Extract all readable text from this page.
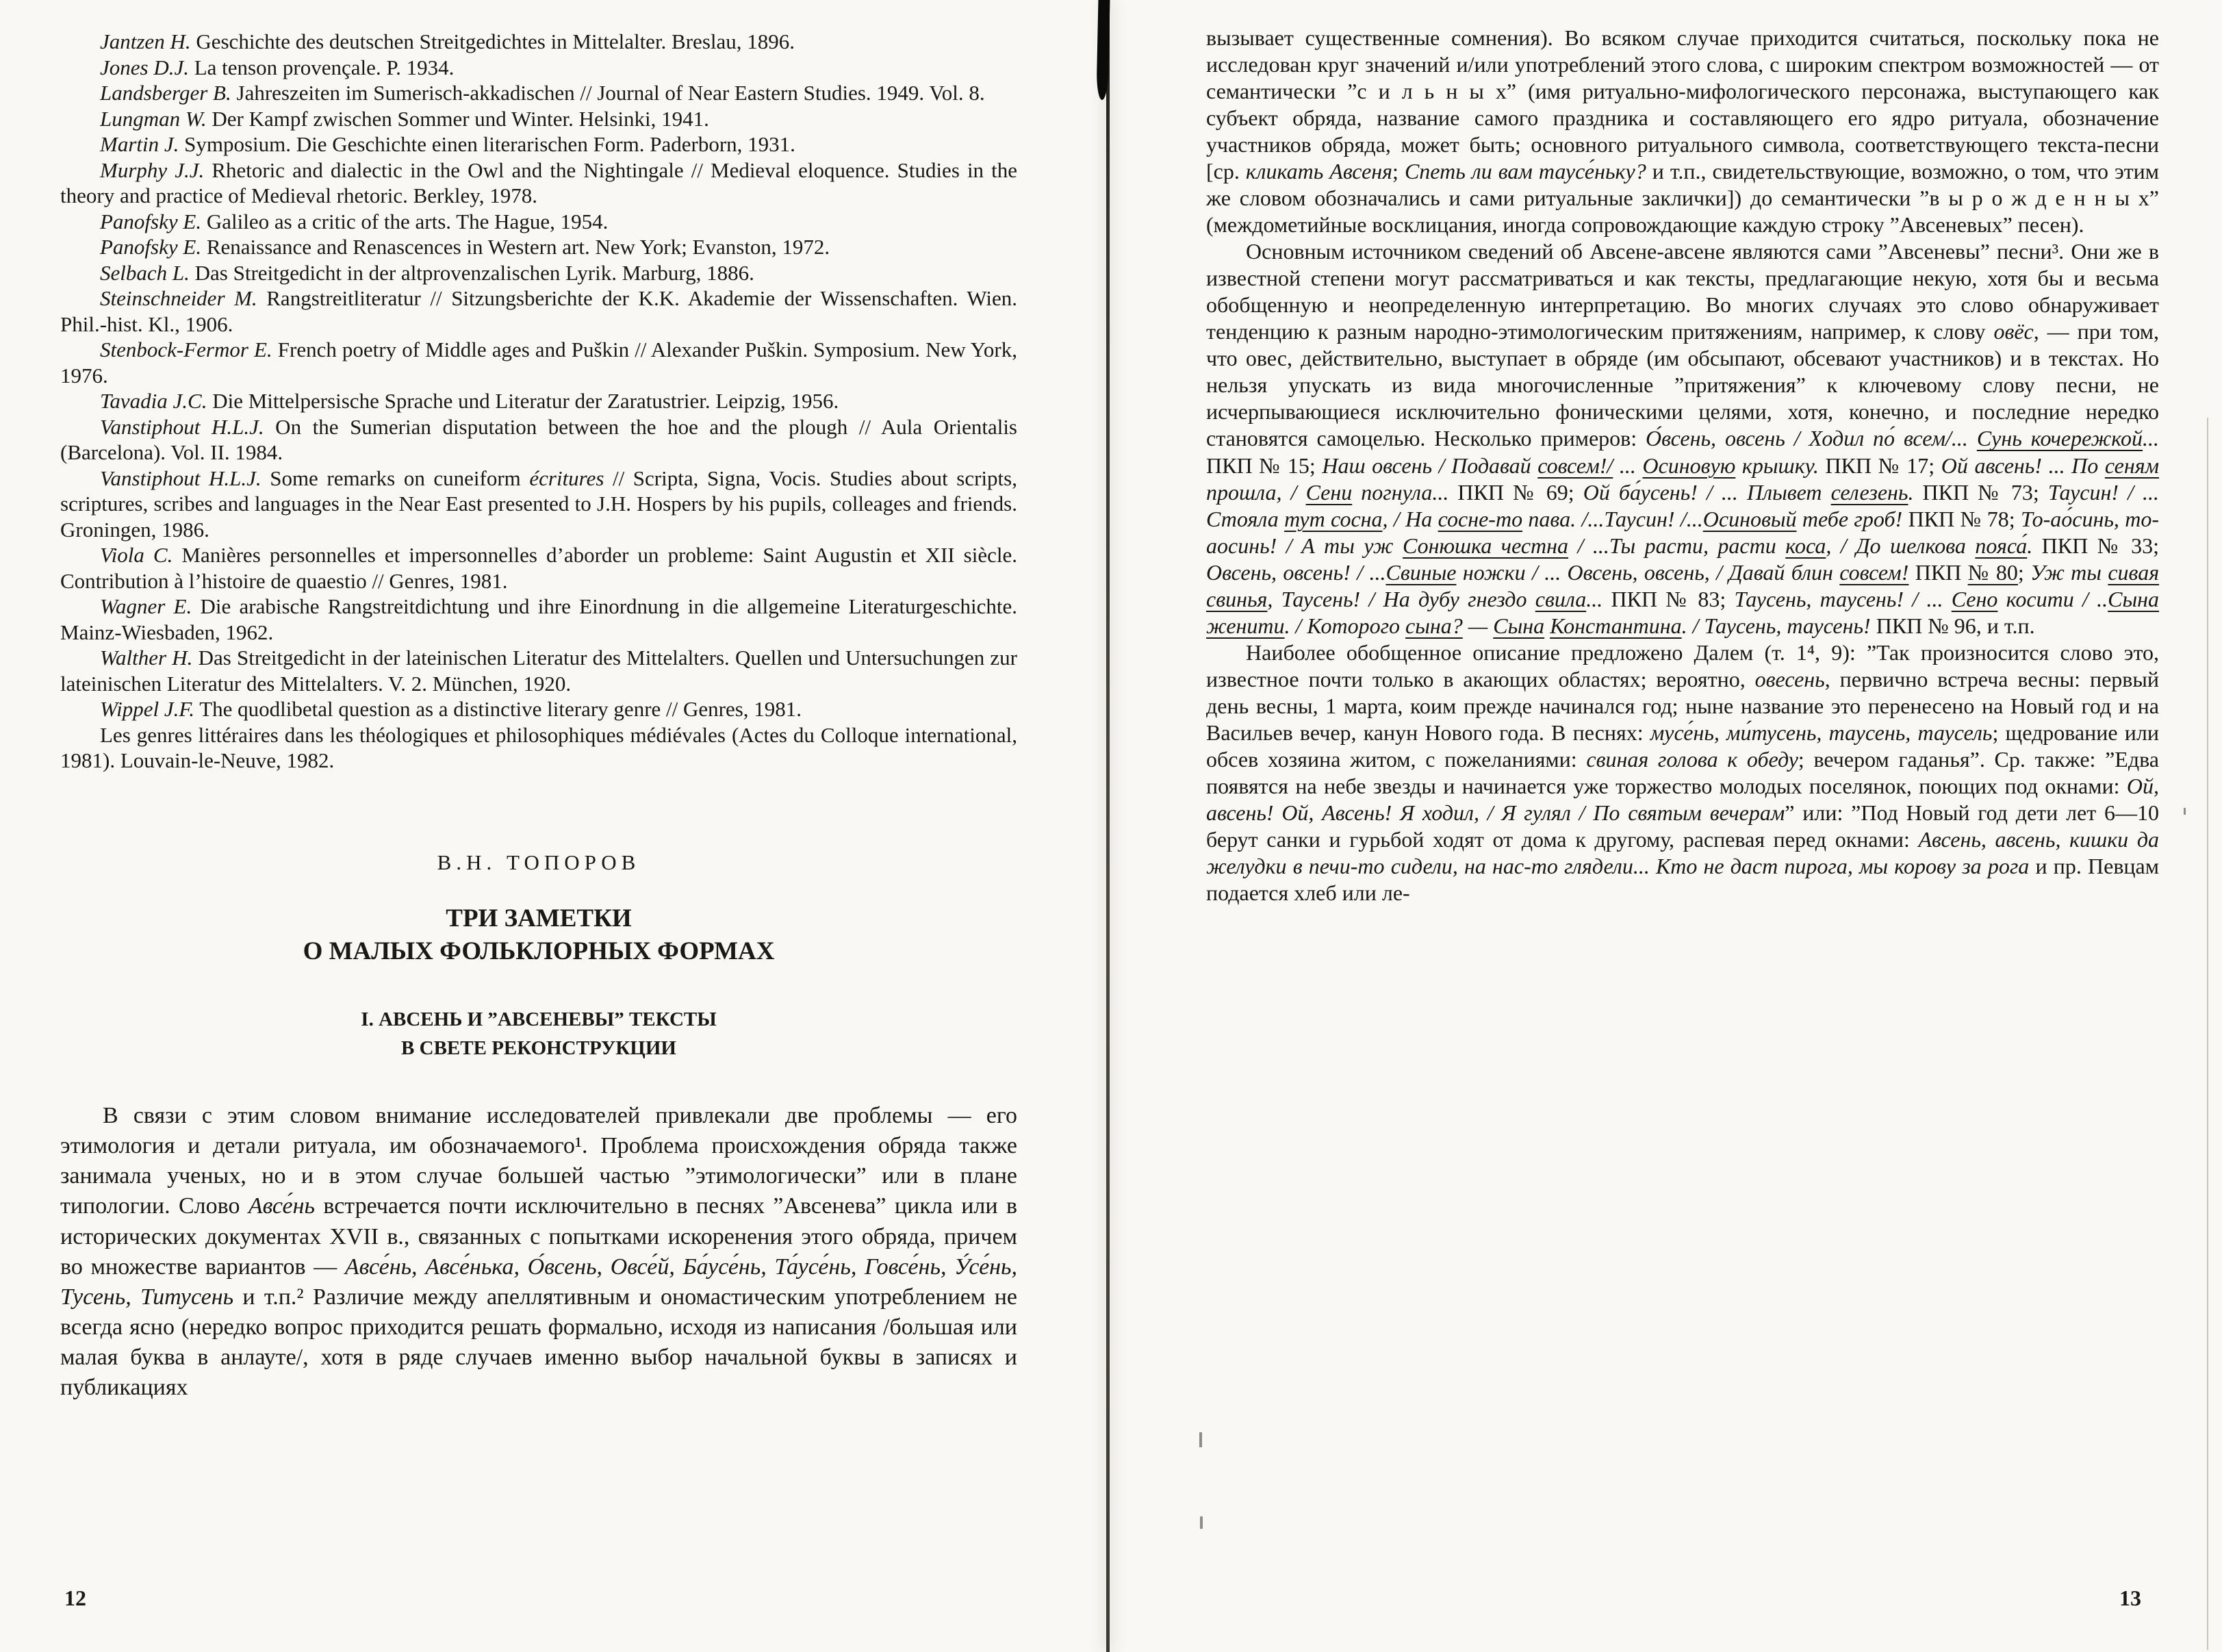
Jantzen H. Geschichte des deutschen Streitgedichtes in Mittelalter. Breslau, 1896.

Jones D.J. La tenson provençale. P. 1934.

Landsberger B. Jahreszeiten im Sumerisch-akkadischen // Journal of Near Eastern Studies. 1949. Vol. 8.

Lungman W. Der Kampf zwischen Sommer und Winter. Helsinki, 1941.

Martin J. Symposium. Die Geschichte einen literarischen Form. Paderborn, 1931.

Murphy J.J. Rhetoric and dialectic in the Owl and the Nightingale // Medieval eloquence. Studies in the theory and practice of Medieval rhetoric. Berkley, 1978.

Panofsky E. Galileo as a critic of the arts. The Hague, 1954.

Panofsky E. Renaissance and Renascences in Western art. New York; Evanston, 1972.

Selbach L. Das Streitgedicht in der altprovenzalischen Lyrik. Marburg, 1886.

Steinschneider M. Rangstreitliteratur // Sitzungsberichte der K.K. Akademie der Wissenschaften. Wien. Phil.-hist. Kl., 1906.

Stenbock-Fermor E. French poetry of Middle ages and Puškin // Alexander Puškin. Symposium. New York, 1976.

Tavadia J.C. Die Mittelpersische Sprache und Literatur der Zaratustrier. Leipzig, 1956.

Vanstiphout H.L.J. On the Sumerian disputation between the hoe and the plough // Aula Orientalis (Barcelona). Vol. II. 1984.

Vanstiphout H.L.J. Some remarks on cuneiform écritures // Scripta, Signa, Vocis. Studies about scripts, scriptures, scribes and languages in the Near East presented to J.H. Hospers by his pupils, colleages and friends. Groningen, 1986.

Viola C. Manières personnelles et impersonnelles d’aborder un probleme: Saint Augustin et XII siècle. Contribution à l’histoire de quaestio // Genres, 1981.

Wagner E. Die arabische Rangstreitdichtung und ihre Einordnung in die allgemeine Literaturgeschichte. Mainz-Wiesbaden, 1962.

Walther H. Das Streitgedicht in der lateinischen Literatur des Mittelalters. Quellen und Untersuchungen zur lateinischen Literatur des Mittelalters. V. 2. München, 1920.

Wippel J.F. The quodlibetal question as a distinctive literary genre // Genres, 1981.

Les genres littéraires dans les théologiques et philosophiques médiévales (Actes du Colloque international, 1981). Louvain-le-Neuve, 1982.

В.Н. ТОПОРОВ
ТРИ ЗАМЕТКИ
О МАЛЫХ ФОЛЬКЛОРНЫХ ФОРМАХ
I. АВСЕНЬ И ”АВСЕНЕВЫ” ТЕКСТЫ
В СВЕТЕ РЕКОНСТРУКЦИИ

В связи с этим словом внимание исследователей привлекали две проблемы — его этимология и детали ритуала, им обозначаемого¹. Проблема происхождения обряда также занимала ученых, но и в этом случае большей частью ”этимологически” или в плане типологии. Слово Авсе́нь встречается почти исключительно в песнях ”Авсенева” цикла или в исторических документах XVII в., связанных с попытками искоренения этого обряда, причем во множестве вариантов — Авсе́нь, Авсе́нька, О́всень, Овсе́й, Ба́усе́нь, Та́усе́нь, Говсе́нь, У́се́нь, Тусень, Титусень и т.п.² Различие между апеллятивным и ономастическим употреблением не всегда ясно (нередко вопрос приходится решать формально, исходя из написания /большая или малая буква в анлауте/, хотя в ряде случаев именно выбор начальной буквы в записях и публикациях

вызывает существенные сомнения). Во всяком случае приходится считаться, поскольку пока не исследован круг значений и/или употреблений этого слова, с широким спектром возможностей — от семантически ”с и л ь н ы х” (имя ритуально-мифологического персонажа, выступающего как субъект обряда, название самого праздника и составляющего его ядро ритуала, обозначение участников обряда, может быть; основного ритуального символа, соответствующего текста-песни [ср. кликать Авсеня; Спеть ли вам таусе́ньку? и т.п., свидетельствующие, возможно, о том, что этим же словом обозначались и сами ритуальные заклички]) до семантически ”в ы р о ж д е н н ы х” (междометийные восклицания, иногда сопровождающие каждую строку ”Авсеневых” песен).

Основным источником сведений об Авсене-авсене являются сами ”Авсеневы” песни³. Они же в известной степени могут рассматриваться и как тексты, предлагающие некую, хотя бы и весьма обобщенную и неопределенную интерпретацию. Во многих случаях это слово обнаруживает тенденцию к разным народно-этимологическим притяжениям, например, к слову овёс, — при том, что овес, действительно, выступает в обряде (им обсыпают, обсевают участников) и в текстах. Но нельзя упускать из вида многочисленные ”притяжения” к ключевому слову песни, не исчерпывающиеся исключительно фоническими целями, хотя, конечно, и последние нередко становятся самоцелью. Несколько примеров: О́всень, овсень / Ходил по́ всем/... Сунь кочережкой... ПКП № 15; Наш овсень / Подавай совсем!/ ... Осиновую крышку. ПКП № 17; Ой авсень! ... По сеням прошла, / Сени погнула... ПКП № 69; Ой ба́усень! / ... Плывет селезень. ПКП № 73; Таусин! / ... Стояла тут сосна, / На сосне-то пава. /...Таусин! /...Осиновый тебе гроб! ПКП № 78; То-ао́синь, то-аосинь! / А ты уж Сонюшка честна / ...Ты расти, расти коса, / До шелкова пояса́. ПКП № 33; Овсень, овсень! / ...Свиные ножки / ... Овсень, овсень, / Давай блин совсем! ПКП № 80; Уж ты сивая свинья, Таусень! / На дубу гнездо свила... ПКП № 83; Таусень, таусень! / ... Сено косити / ..Сына женити. / Которого сына? — Сына Константина. / Таусень, таусень! ПКП № 96, и т.п.

Наиболее обобщенное описание предложено Далем (т. 1⁴, 9): ”Так произносится слово это, известное почти только в акающих областях; вероятно, овесень, первично встреча весны: первый день весны, 1 марта, коим прежде начинался год; ныне название это перенесено на Новый год и на Васильев вечер, канун Нового года. В песнях: мусе́нь, ми́тусень, таусень, таусель; щедрование или обсев хозяина житом, с пожеланиями: свиная голова к обеду; вечером гаданья”. Ср. также: ”Едва появятся на небе звезды и начинается уже торжество молодых поселянок, поющих под окнами: Ой, авсень! Ой, Авсень! Я ходил, / Я гулял / По святым вечерам” или: ”Под Новый год дети лет 6—10 берут санки и гурьбой ходят от дома к другому, распевая перед окнами: Авсень, авсень, кишки да желудки в печи-то сидели, на нас-то глядели... Кто не даст пирога, мы корову за рога и пр. Певцам подается хлеб или ле-

12	13
